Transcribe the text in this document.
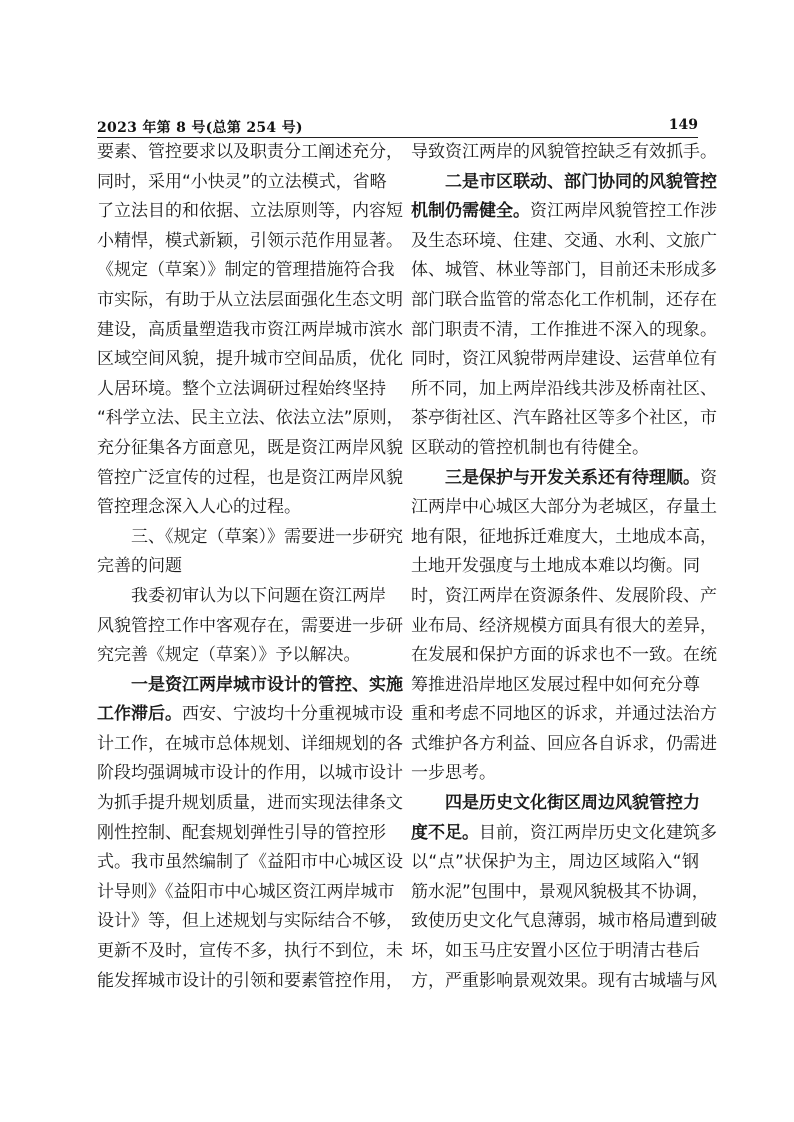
2023 年第 8 号(总第 254 号)	149

要素、管控要求以及职责分工阐述充分，
同时，采用“小快灵”的立法模式，省略
了立法目的和依据、立法原则等，内容短
小精悍，模式新颖，引领示范作用显著。
《规定（草案）》制定的管理措施符合我
市实际，有助于从立法层面强化生态文明
建设，高质量塑造我市资江两岸城市滨水
区域空间风貌，提升城市空间品质，优化
人居环境。整个立法调研过程始终坚持
“科学立法、民主立法、依法立法”原则，
充分征集各方面意见，既是资江两岸风貌
管控广泛宣传的过程，也是资江两岸风貌
管控理念深入人心的过程。

三、《规定（草案）》需要进一步研究
完善的问题

我委初审认为以下问题在资江两岸
风貌管控工作中客观存在，需要进一步研
究完善《规定（草案）》予以解决。

一是资江两岸城市设计的管控、实施
工作滞后。西安、宁波均十分重视城市设
计工作，在城市总体规划、详细规划的各
阶段均强调城市设计的作用，以城市设计
为抓手提升规划质量，进而实现法律条文
刚性控制、配套规划弹性引导的管控形
式。我市虽然编制了《益阳市中心城区设
计导则》《益阳市中心城区资江两岸城市
设计》等，但上述规划与实际结合不够，
更新不及时，宣传不多，执行不到位，未
能发挥城市设计的引领和要素管控作用，

导致资江两岸的风貌管控缺乏有效抓手。

二是市区联动、部门协同的风貌管控
机制仍需健全。资江两岸风貌管控工作涉
及生态环境、住建、交通、水利、文旅广
体、城管、林业等部门，目前还未形成多
部门联合监管的常态化工作机制，还存在
部门职责不清，工作推进不深入的现象。
同时，资江风貌带两岸建设、运营单位有
所不同，加上两岸沿线共涉及桥南社区、
茶亭街社区、汽车路社区等多个社区，市
区联动的管控机制也有待健全。

三是保护与开发关系还有待理顺。资
江两岸中心城区大部分为老城区，存量土
地有限，征地拆迁难度大，土地成本高，
土地开发强度与土地成本难以均衡。同
时，资江两岸在资源条件、发展阶段、产
业布局、经济规模方面具有很大的差异，
在发展和保护方面的诉求也不一致。在统
筹推进沿岸地区发展过程中如何充分尊
重和考虑不同地区的诉求，并通过法治方
式维护各方利益、回应各自诉求，仍需进
一步思考。

四是历史文化街区周边风貌管控力
度不足。目前，资江两岸历史文化建筑多
以“点”状保护为主，周边区域陷入“钢
筋水泥”包围中，景观风貌极其不协调，
致使历史文化气息薄弱，城市格局遭到破
坏，如玉马庄安置小区位于明清古巷后
方，严重影响景观效果。现有古城墙与风
